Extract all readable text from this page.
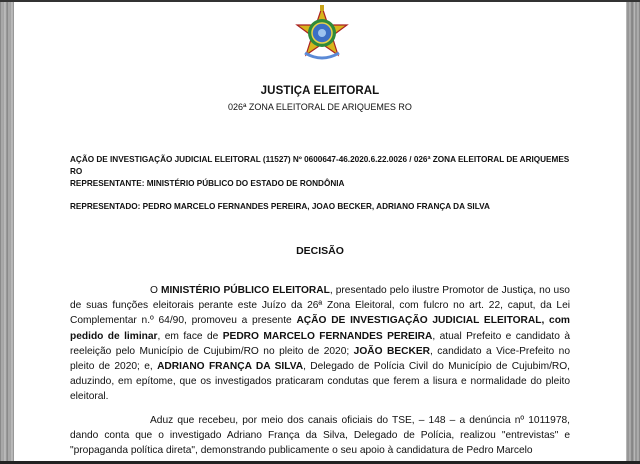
JUSTIÇA ELEITORAL
026ª ZONA ELEITORAL DE ARIQUEMES RO
AÇÃO DE INVESTIGAÇÃO JUDICIAL ELEITORAL (11527) Nº 0600647-46.2020.6.22.0026 / 026ª ZONA ELEITORAL DE ARIQUEMES RO
REPRESENTANTE: MINISTÉRIO PÚBLICO DO ESTADO DE RONDÔNIA
REPRESENTADO: PEDRO MARCELO FERNANDES PEREIRA, JOAO BECKER, ADRIANO FRANÇA DA SILVA
DECISÃO
O MINISTÉRIO PÚBLICO ELEITORAL, presentado pelo ilustre Promotor de Justiça, no uso de suas funções eleitorais perante este Juízo da 26ª Zona Eleitoral, com fulcro no art. 22, caput, da Lei Complementar n.º 64/90, promoveu a presente AÇÃO DE INVESTIGAÇÃO JUDICIAL ELEITORAL, com pedido de liminar, em face de PEDRO MARCELO FERNANDES PEREIRA, atual Prefeito e candidato à reeleição pelo Município de Cujubim/RO no pleito de 2020; JOÃO BECKER, candidato a Vice-Prefeito no pleito de 2020; e, ADRIANO FRANÇA DA SILVA, Delegado de Polícia Civil do Município de Cujubim/RO, aduzindo, em epítome, que os investigados praticaram condutas que ferem a lisura e normalidade do pleito eleitoral.
Aduz que recebeu, por meio dos canais oficiais do TSE, – 148 – a denúncia nº 1011978, dando conta que o investigado Adriano França da Silva, Delegado de Polícia, realizou "entrevistas" e "propaganda política direta", demonstrando publicamente o seu apoio à candidatura de Pedro Marcelo
